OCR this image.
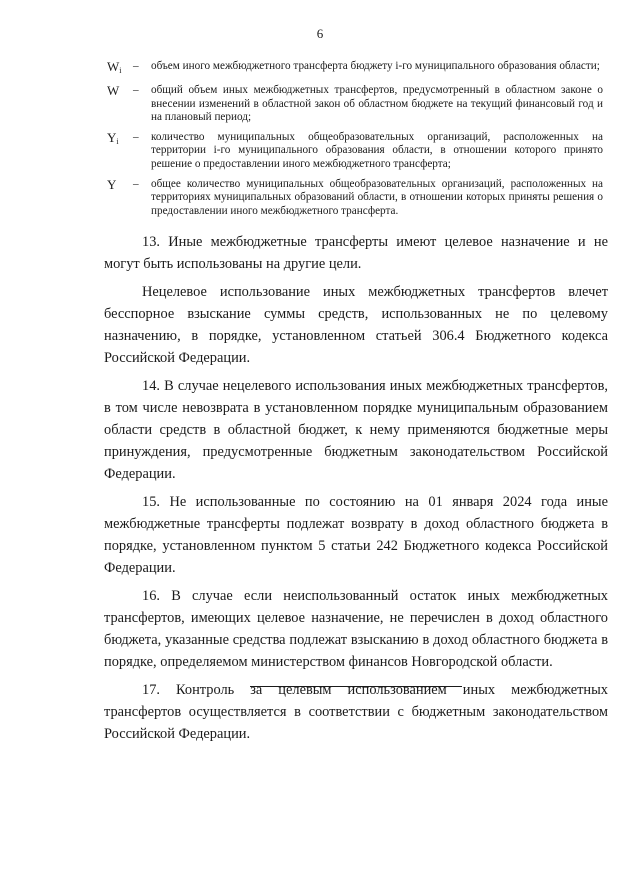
6
$W_i$	–	объем иного межбюджетного трансферта бюджету i-го муниципального образования области;
W	–	общий объем иных межбюджетных трансфертов, предусмотренный в областном законе о внесении изменений в областной закон об областном бюджете на текущий финансовый год и на плановый период;
$Y_i$	–	количество муниципальных общеобразовательных организаций, расположенных на территории i-го муниципального образования области, в отношении которого принято решение о предоставлении иного межбюджетного трансферта;
Y	–	общее количество муниципальных общеобразовательных организаций, расположенных на территориях муниципальных образований области, в отношении которых приняты решения о предоставлении иного межбюджетного трансферта.

13. Иные межбюджетные трансферты имеют целевое назначение и не могут быть использованы на другие цели.

Нецелевое использование иных межбюджетных трансфертов влечет бесспорное взыскание суммы средств, использованных не по целевому назначению, в порядке, установленном статьей 306.4 Бюджетного кодекса Российской Федерации.

14. В случае нецелевого использования иных межбюджетных трансфертов, в том числе невозврата в установленном порядке муниципальным образованием области средств в областной бюджет, к нему применяются бюджетные меры принуждения, предусмотренные бюджетным законодательством Российской Федерации.

15. Не использованные по состоянию на 01 января 2024 года иные межбюджетные трансферты подлежат возврату в доход областного бюджета в порядке, установленном пунктом 5 статьи 242 Бюджетного кодекса Российской Федерации.

16. В случае если неиспользованный остаток иных межбюджетных трансфертов, имеющих целевое назначение, не перечислен в доход областного бюджета, указанные средства подлежат взысканию в доход областного бюджета в порядке, определяемом министерством финансов Новгородской области.

17. Контроль за целевым использованием иных межбюджетных трансфертов осуществляется в соответствии с бюджетным законодательством Российской Федерации.
